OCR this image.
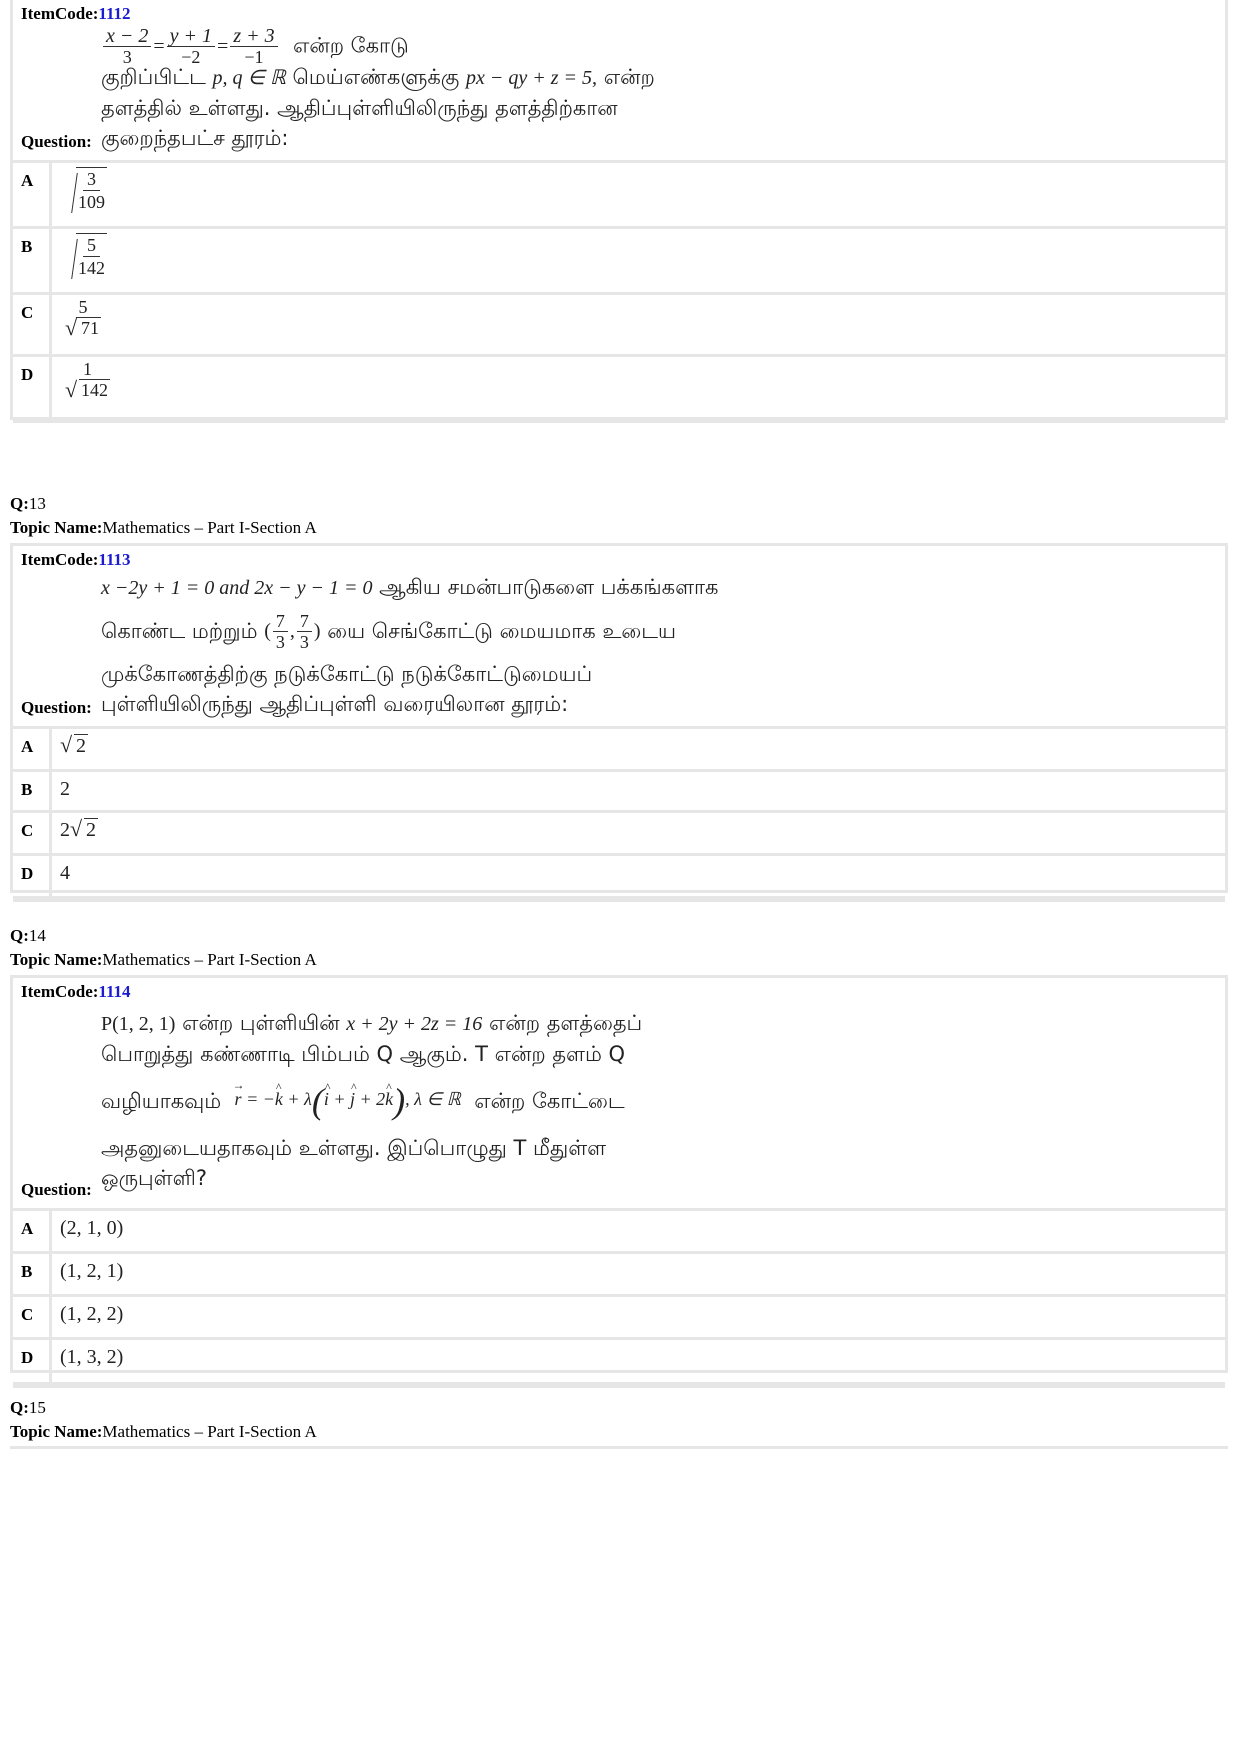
ItemCode:1112
$\frac{x - 2}{3} = \frac{y + 1}{-2} = \frac{z + 3}{-1}$ என்ற கோடு
குறிப்பிட்ட p, q ∈ ℝ மெய்எண்களுக்கு px − qy + z = 5, என்ற
தளத்தில் உள்ளது. ஆதிப்புள்ளியிலிருந்து தளத்திற்கான
குறைந்தபட்ச தூரம்:
Question:
A	$\frac{3}{109}$
B	$\frac{5}{142}$
C	5
√ 71
D	1
√ 142
Q:13
Topic Name:Mathematics – Part I-Section A
ItemCode:1113
x −2y + 1 = 0 and 2x − y − 1 = 0 ஆகிய சமன்பாடுகளை பக்கங்களாக
கொண்ட மற்றும்
( $\frac{7}{3}$ , $\frac{7}{3}$ )
யை செங்கோட்டு மையமாக உடைய
முக்கோணத்திற்கு நடுக்கோட்டு நடுக்கோட்டுமையப்
புள்ளியிலிருந்து ஆதிப்புள்ளி வரையிலான தூரம்:
Question:
A	√ 2
B	2
C	2 √ 2
D	4
Q:14
Topic Name:Mathematics – Part I-Section A
ItemCode:1114
P(1, 2, 1) என்ற புள்ளியின் x + 2y + 2z = 16 என்ற தளத்தைப்
பொறுத்து கண்ணாடி பிம்பம் Q ஆகும். T என்ற தளம் Q
வழியாகவும்
→ r = −^ k + λ(^ i + ^ j + 2^ k), λ ∈ ℝ
என்ற கோட்டை
அதனுடையதாகவும் உள்ளது. இப்பொழுது T மீதுள்ள
ஒருபுள்ளி?
Question:
A	(2, 1, 0)
B	(1, 2, 1)
C	(1, 2, 2)
D	(1, 3, 2)
Q:15
Topic Name:Mathematics – Part I-Section A
